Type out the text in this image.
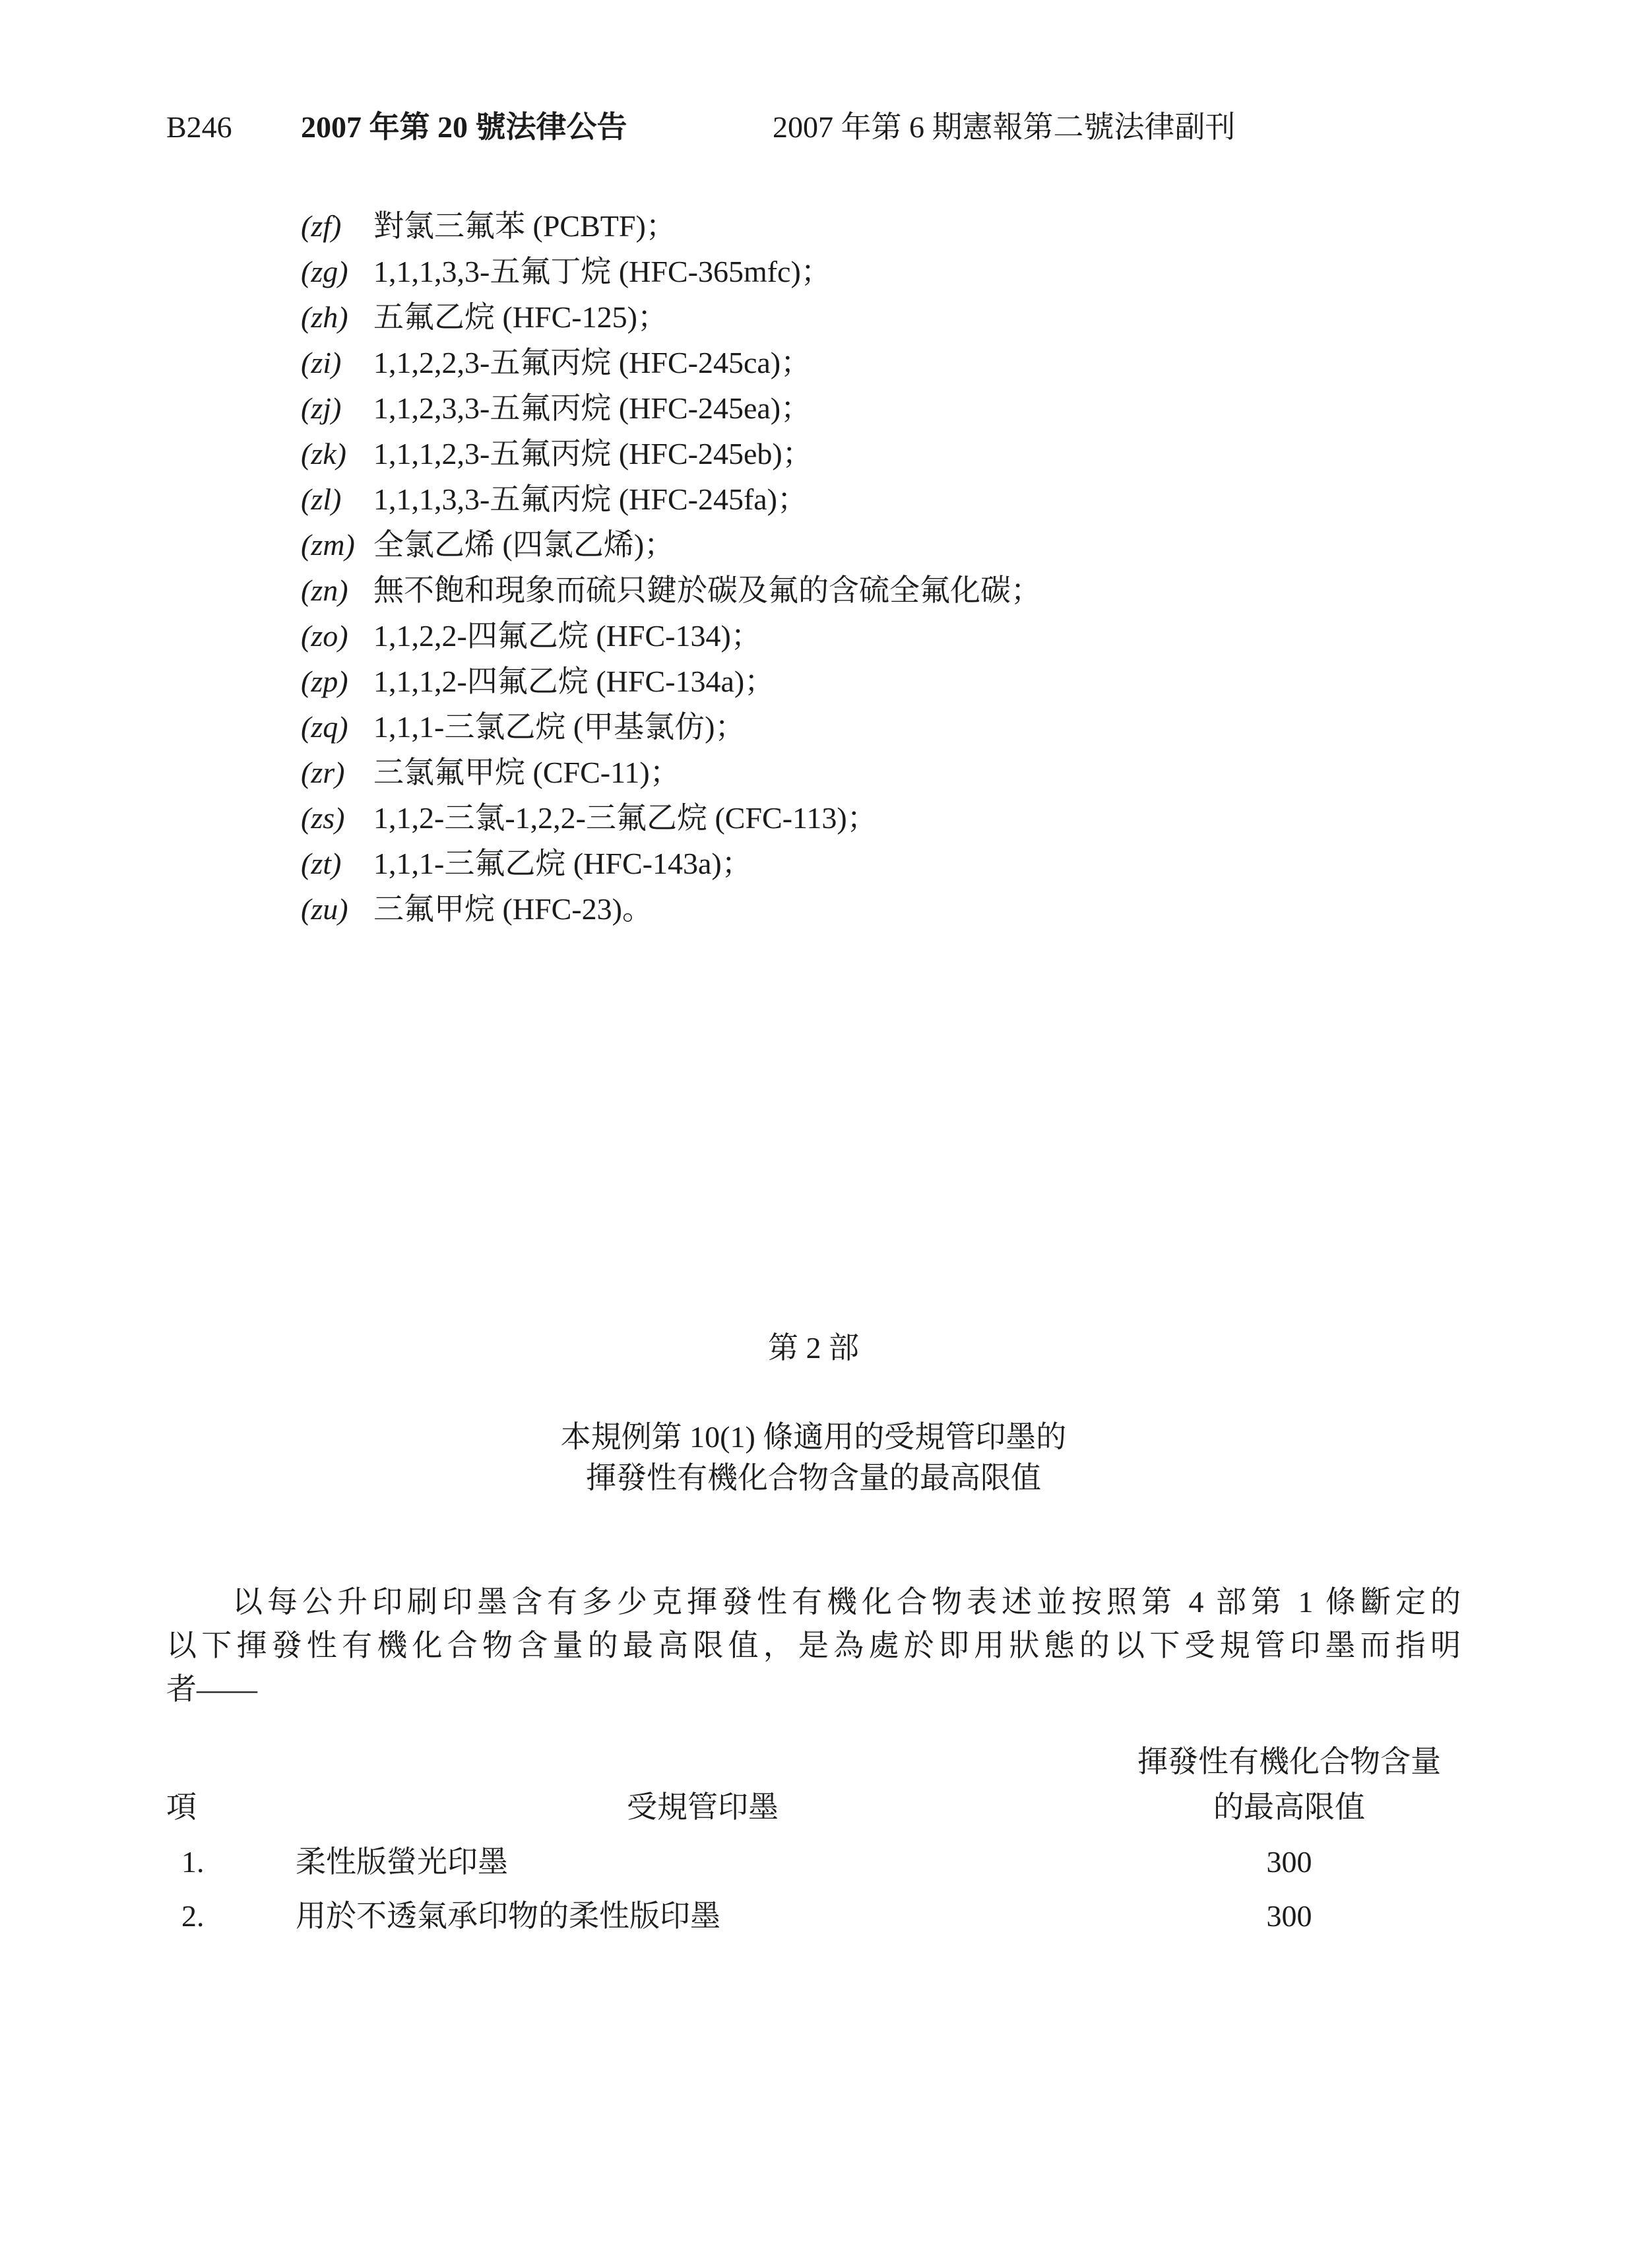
B246 2007 年第 20 號法律公告	2007 年第 6 期憲報第二號法律副刊
(zf)	對氯三氟苯 (PCBTF)；
(zg) 1,1,1,3,3-五氟丁烷 (HFC-365mfc)；
(zh) 五氟乙烷 (HFC-125)；
(zi)	1,1,2,2,3-五氟丙烷 (HFC-245ca)；
(zj)	1,1,2,3,3-五氟丙烷 (HFC-245ea)；
(zk) 1,1,1,2,3-五氟丙烷 (HFC-245eb)；
(zl)	1,1,1,3,3-五氟丙烷 (HFC-245fa)；
(zm) 全氯乙烯 (四氯乙烯)；
(zn) 無不飽和現象而硫只鍵於碳及氟的含硫全氟化碳；
(zo) 1,1,2,2-四氟乙烷 (HFC-134)；
(zp) 1,1,1,2-四氟乙烷 (HFC-134a)；
(zq) 1,1,1-三氯乙烷 (甲基氯仿)；
(zr) 三氯氟甲烷 (CFC-11)；
(zs) 1,1,2-三氯-1,2,2-三氟乙烷 (CFC-113)；
(zt)	1,1,1-三氟乙烷 (HFC-143a)；
(zu) 三氟甲烷 (HFC-23)。
第 2 部
本規例第 10(1) 條適用的受規管印墨的
揮發性有機化合物含量的最高限值
以每公升印刷印墨含有多少克揮發性有機化合物表述並按照第 4 部第 1 條斷定的
以下揮發性有機化合物含量的最高限值，是為處於即用狀態的以下受規管印墨而指明
者——
揮發性有機化合物含量
項	受規管印墨	的最高限值
1.	柔性版螢光印墨	300
2.	用於不透氣承印物的柔性版印墨	300
